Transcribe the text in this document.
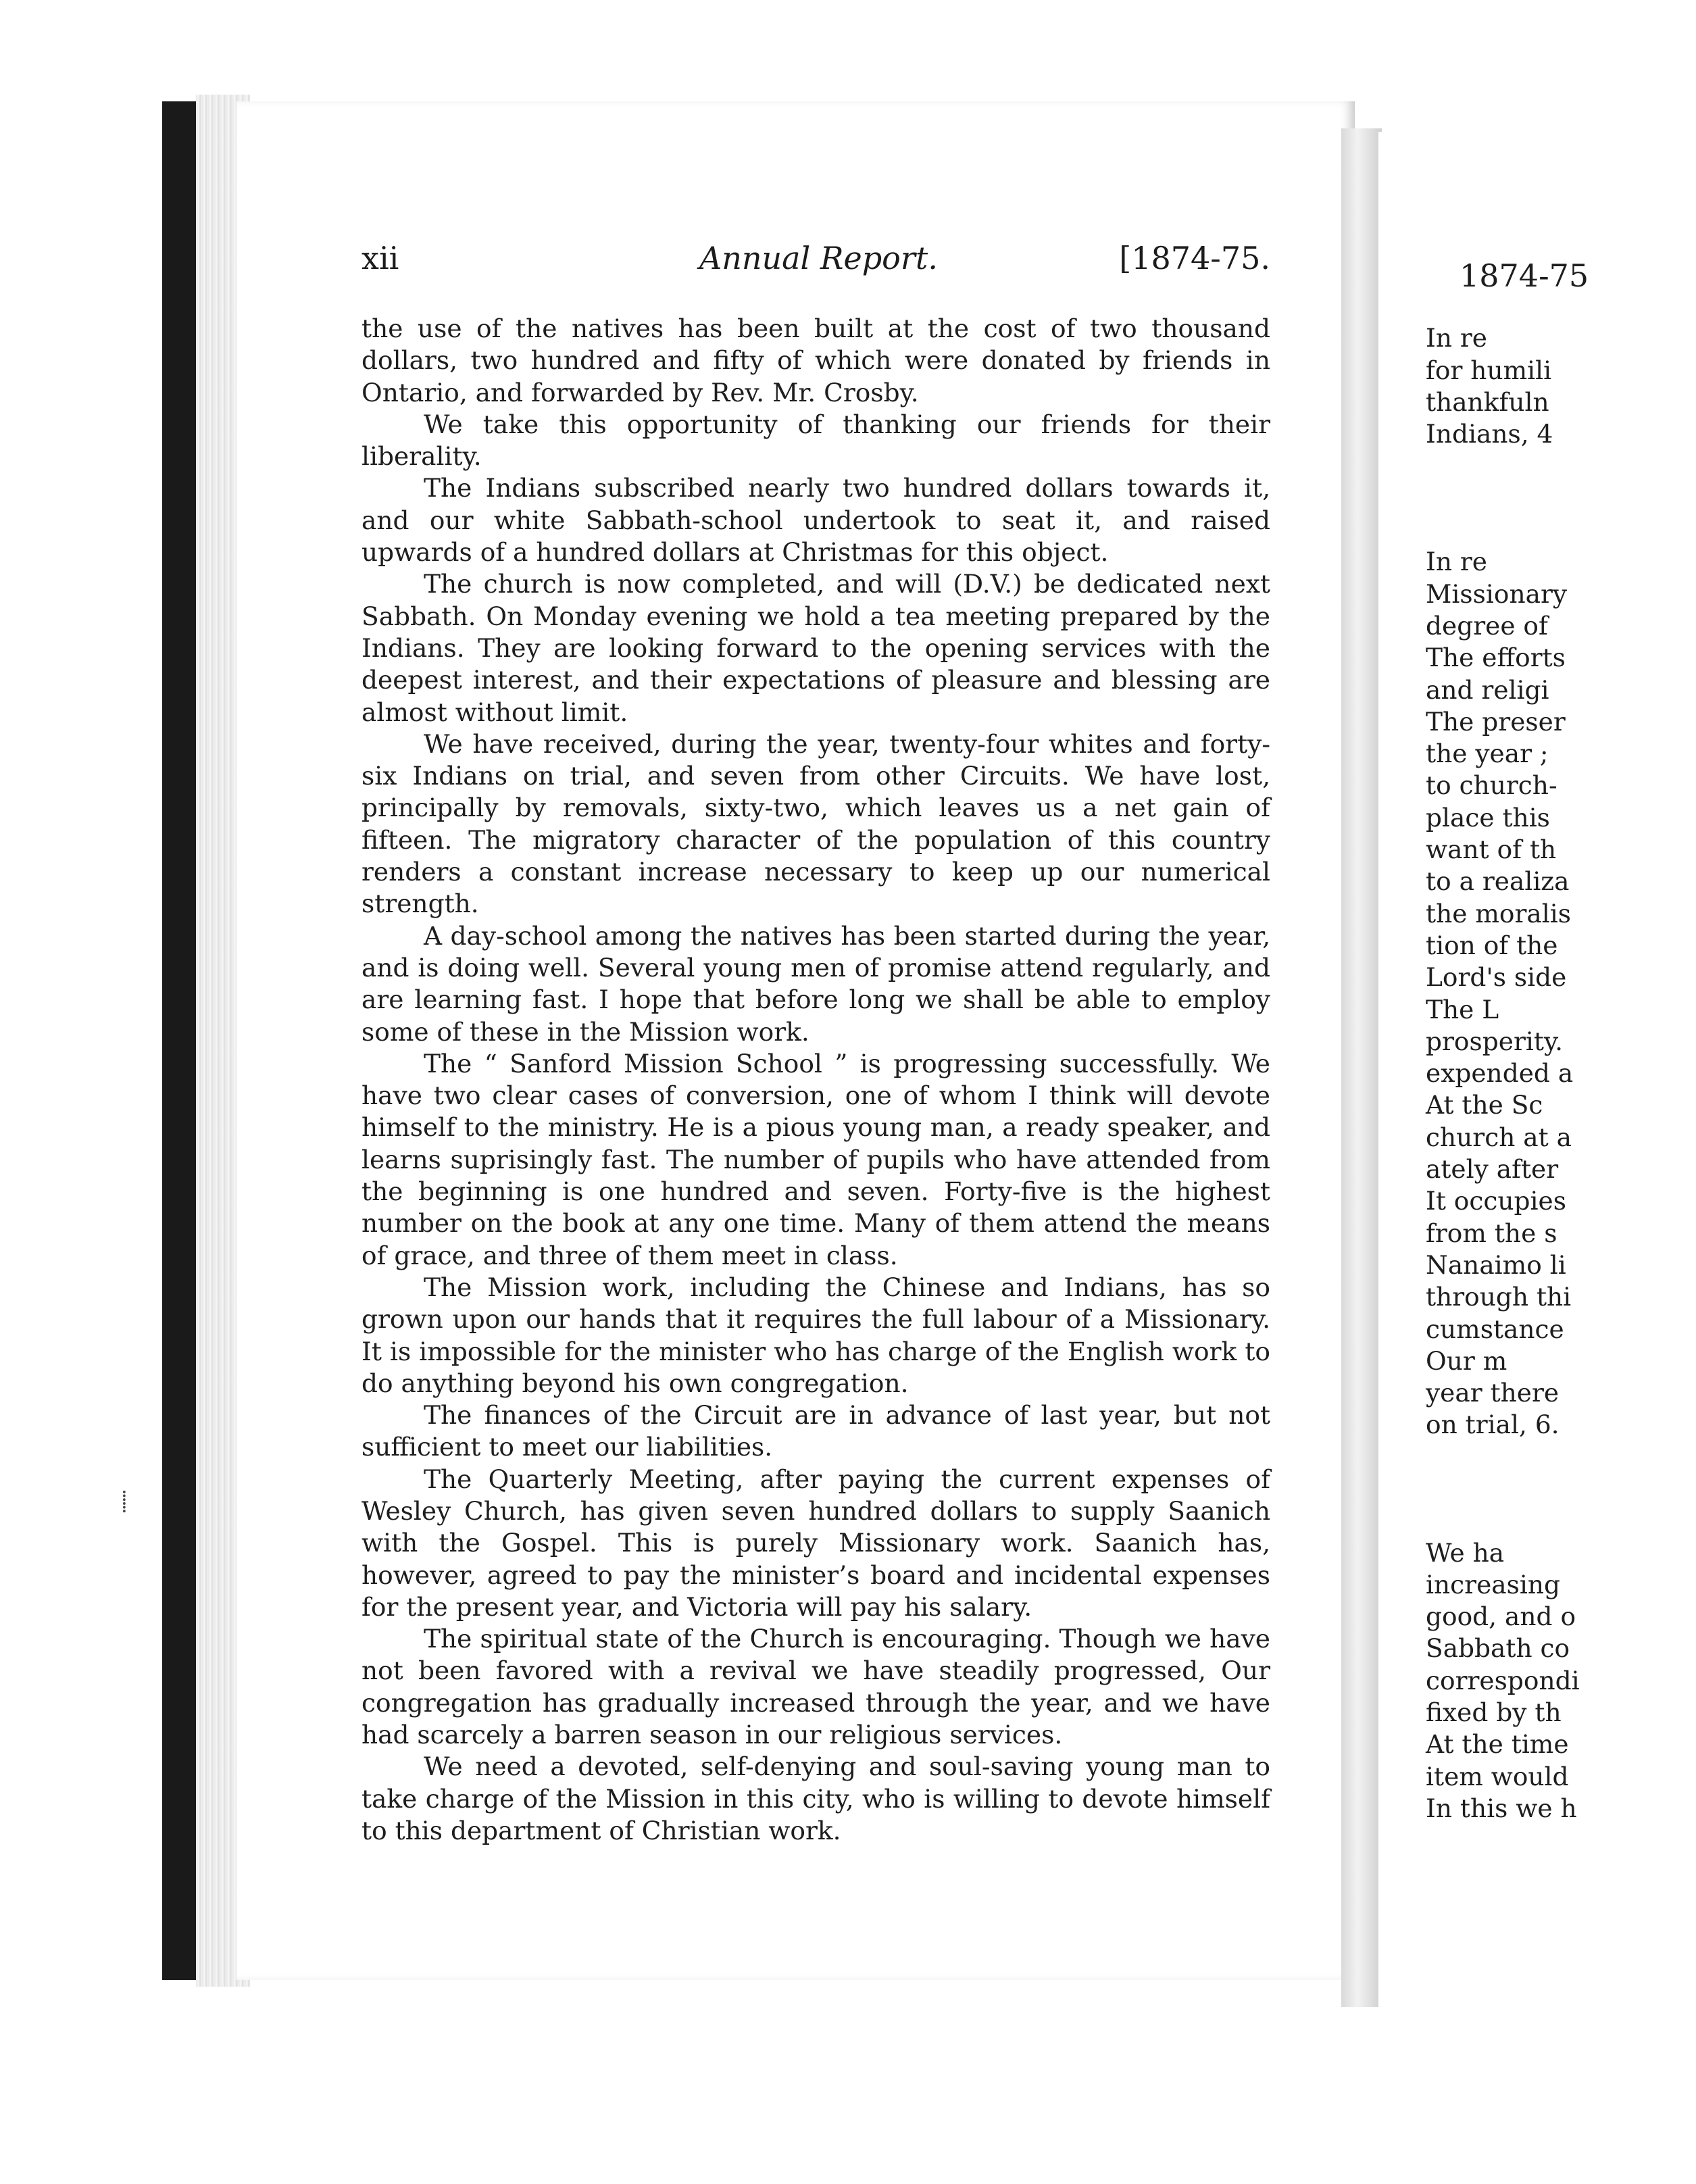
xii	Annual Report.	[1874-75.

the use of the natives has been built at the cost of two thousand dollars, two hundred and fifty of which were donated by friends in Ontario, and forwarded by Rev. Mr. Crosby.

We take this opportunity of thanking our friends for their liberality.

The Indians subscribed nearly two hundred dollars towards it, and our white Sabbath-school undertook to seat it, and raised upwards of a hundred dollars at Christmas for this object.

The church is now completed, and will (D.V.) be dedicated next Sabbath. On Monday evening we hold a tea meeting prepared by the Indians. They are looking forward to the opening services with the deepest interest, and their expectations of pleasure and blessing are almost without limit.

We have received, during the year, twenty-four whites and forty-six Indians on trial, and seven from other Circuits. We have lost, principally by removals, sixty-two, which leaves us a net gain of fifteen. The migratory character of the population of this country renders a constant increase necessary to keep up our numerical strength.

A day-school among the natives has been started during the year, and is doing well. Several young men of promise attend regularly, and are learning fast. I hope that before long we shall be able to employ some of these in the Mission work.

The “ Sanford Mission School ” is progressing successfully. We have two clear cases of conversion, one of whom I think will devote himself to the ministry. He is a pious young man, a ready speaker, and learns suprisingly fast. The number of pupils who have attended from the beginning is one hundred and seven. Forty-five is the highest number on the book at any one time. Many of them attend the means of grace, and three of them meet in class.

The Mission work, including the Chinese and Indians, has so grown upon our hands that it requires the full labour of a Missionary. It is impossible for the minister who has charge of the English work to do anything beyond his own congregation.

The finances of the Circuit are in advance of last year, but not sufficient to meet our liabilities.

The Quarterly Meeting, after paying the current expenses of Wesley Church, has given seven hundred dollars to supply Saanich with the Gospel. This is purely Missionary work. Saanich has, however, agreed to pay the minister’s board and incidental expenses for the present year, and Victoria will pay his salary.

The spiritual state of the Church is encouraging. Though we have not been favored with a revival we have steadily progressed, Our congregation has gradually increased through the year, and we have had scarcely a barren season in our religious services.

We need a devoted, self-denying and soul-saving young man to take charge of the Mission in this city, who is willing to devote himself to this department of Christian work.

1874-75
In re
for humili
thankfuln
Indians, 4
In re
Missionary
degree of
The efforts
and religi
The preser
the year ;
to church-
place this
want of th
to a realiza
the moralis
tion of the
Lord's side
The L
prosperity.
expended a
At the Sc
church at a
ately after
It occupies
from the s
Nanaimo li
through thi
cumstance
Our m
year there
on trial, 6.
We ha
increasing
good, and o
Sabbath co
correspondi
fixed by th
At the time
item would
In this we h
⸽
